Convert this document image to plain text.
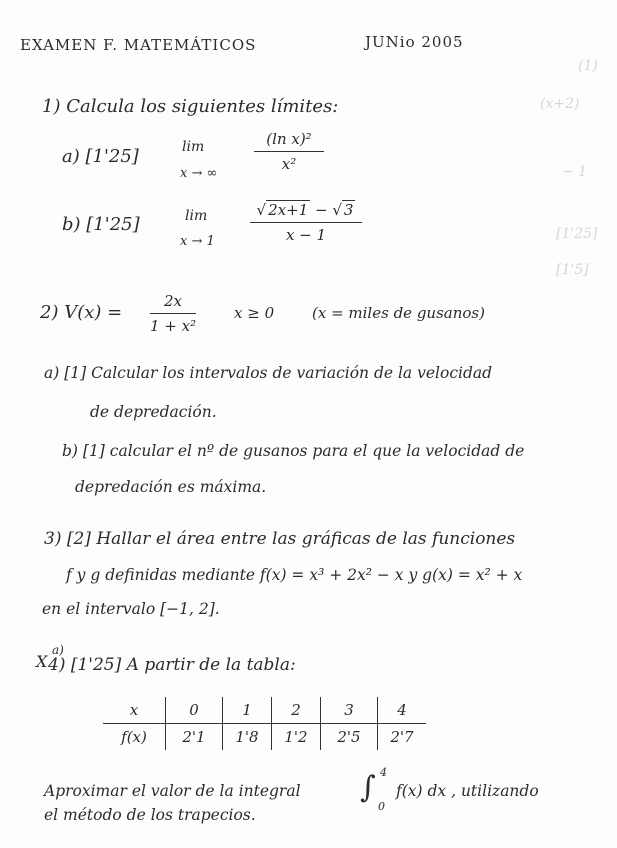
(1)
(x+2)
− 1
[1'25]
[1'5]
EXAMEN F. MATEMÁTICOS	JUNio 2005
1) Calcula los siguientes límites:
a) [1'25]	lim
x → ∞
(ln x)²
x²
b) [1'25]	lim
x → 1
√ 2x+1 − √ 3
x − 1
2) V(x) =
2x
1 + x²
x ≥ 0	(x = miles de gusanos)
a) [1] Calcular los intervalos de variación de la velocidad
de depredación.
b) [1] calcular el nº de gusanos para el que la velocidad de
depredación es máxima.
3) [2] Hallar el área entre las gráficas de las funciones
f y g definidas mediante f(x) = x³ + 2x² − x y g(x) = x² + x
en el intervalo [−1, 2].
X
a)
4) [1'25] A partir de la tabla:
x	0	1	2	3	4
f(x)	2'1	1'8	1'2	2'5	2'7
Aproximar el valor de la integral ∫ 4
0
f(x) dx , utilizando
el método de los trapecios.
